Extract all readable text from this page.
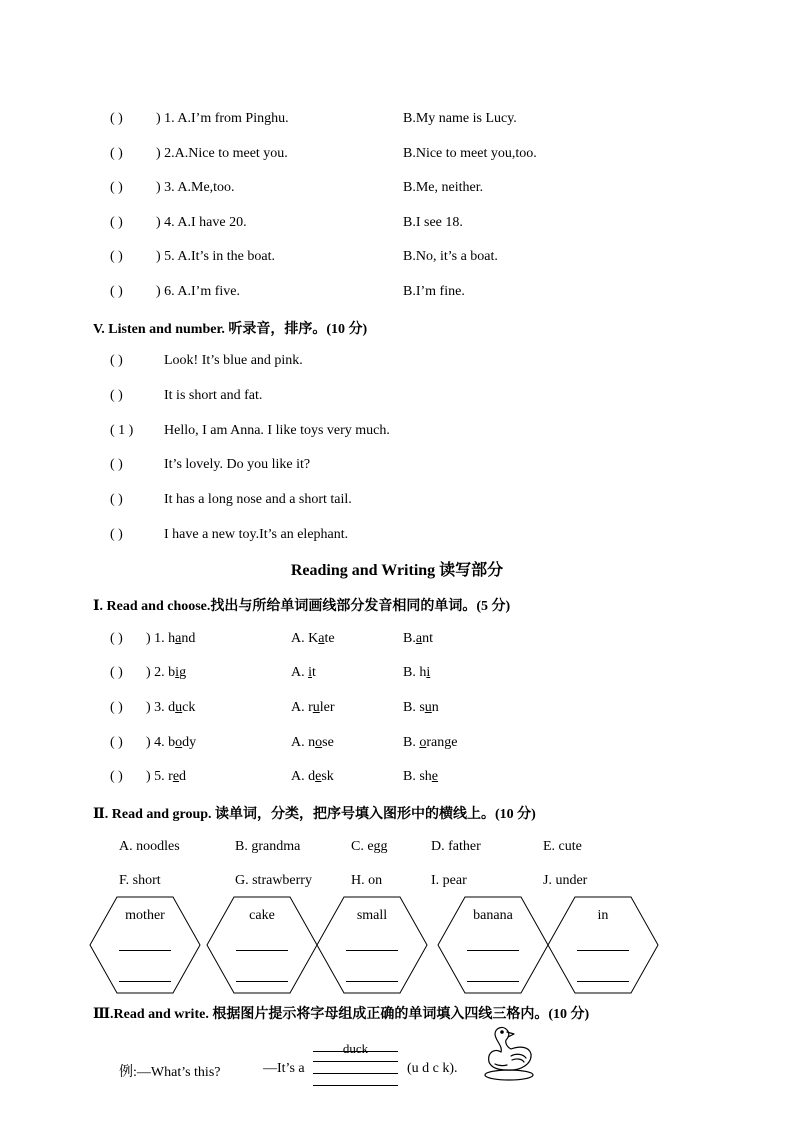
( ) ) 1. A.I’m from Pinghu.	B.My name is Lucy.
( ) ) 2.A.Nice to meet you.	B.Nice to meet you,too.
( ) ) 3. A.Me,too.	B.Me, neither.
( ) ) 4. A.I have 20.	B.I see 18.
( ) ) 5. A.It’s in the boat.	B.No, it’s a boat.
( ) ) 6. A.I’m five.	B.I’m fine.
V. Listen and number. 听录音，排序。(10 分)
( )	Look! It’s blue and pink.
( )	It is short and fat.
( 1 ) Hello, I am Anna. I like toys very much.
( )	It’s lovely. Do you like it?
( )	It has a long nose and a short tail.
( )	I have a new toy.It’s an elephant.
Reading and Writing 读写部分
Ⅰ. Read and choose.找出与所给单词画线部分发音相同的单词。(5 分)
( ) ) 1. hand	A. Kate	B.ant
( ) ) 2. big	A. it	B. hi
( ) ) 3. duck	A. ruler	B. sun
( ) ) 4. body	A. nose	B. orange
( ) ) 5. red	A. desk	B. she
Ⅱ. Read and group. 读单词，分类，把序号填入图形中的横线上。(10 分)
A. noodles	B. grandma	C. egg	D. father	E. cute
F. short	G. strawberry	H. on	I. pear	J. under
mother	cake	small	banana	in
Ⅲ.Read and write. 根据图片提示将字母组成正确的单词填入四线三格内。(10 分)
例:—What’s this?	—It’s a
duck
(u d c k).
